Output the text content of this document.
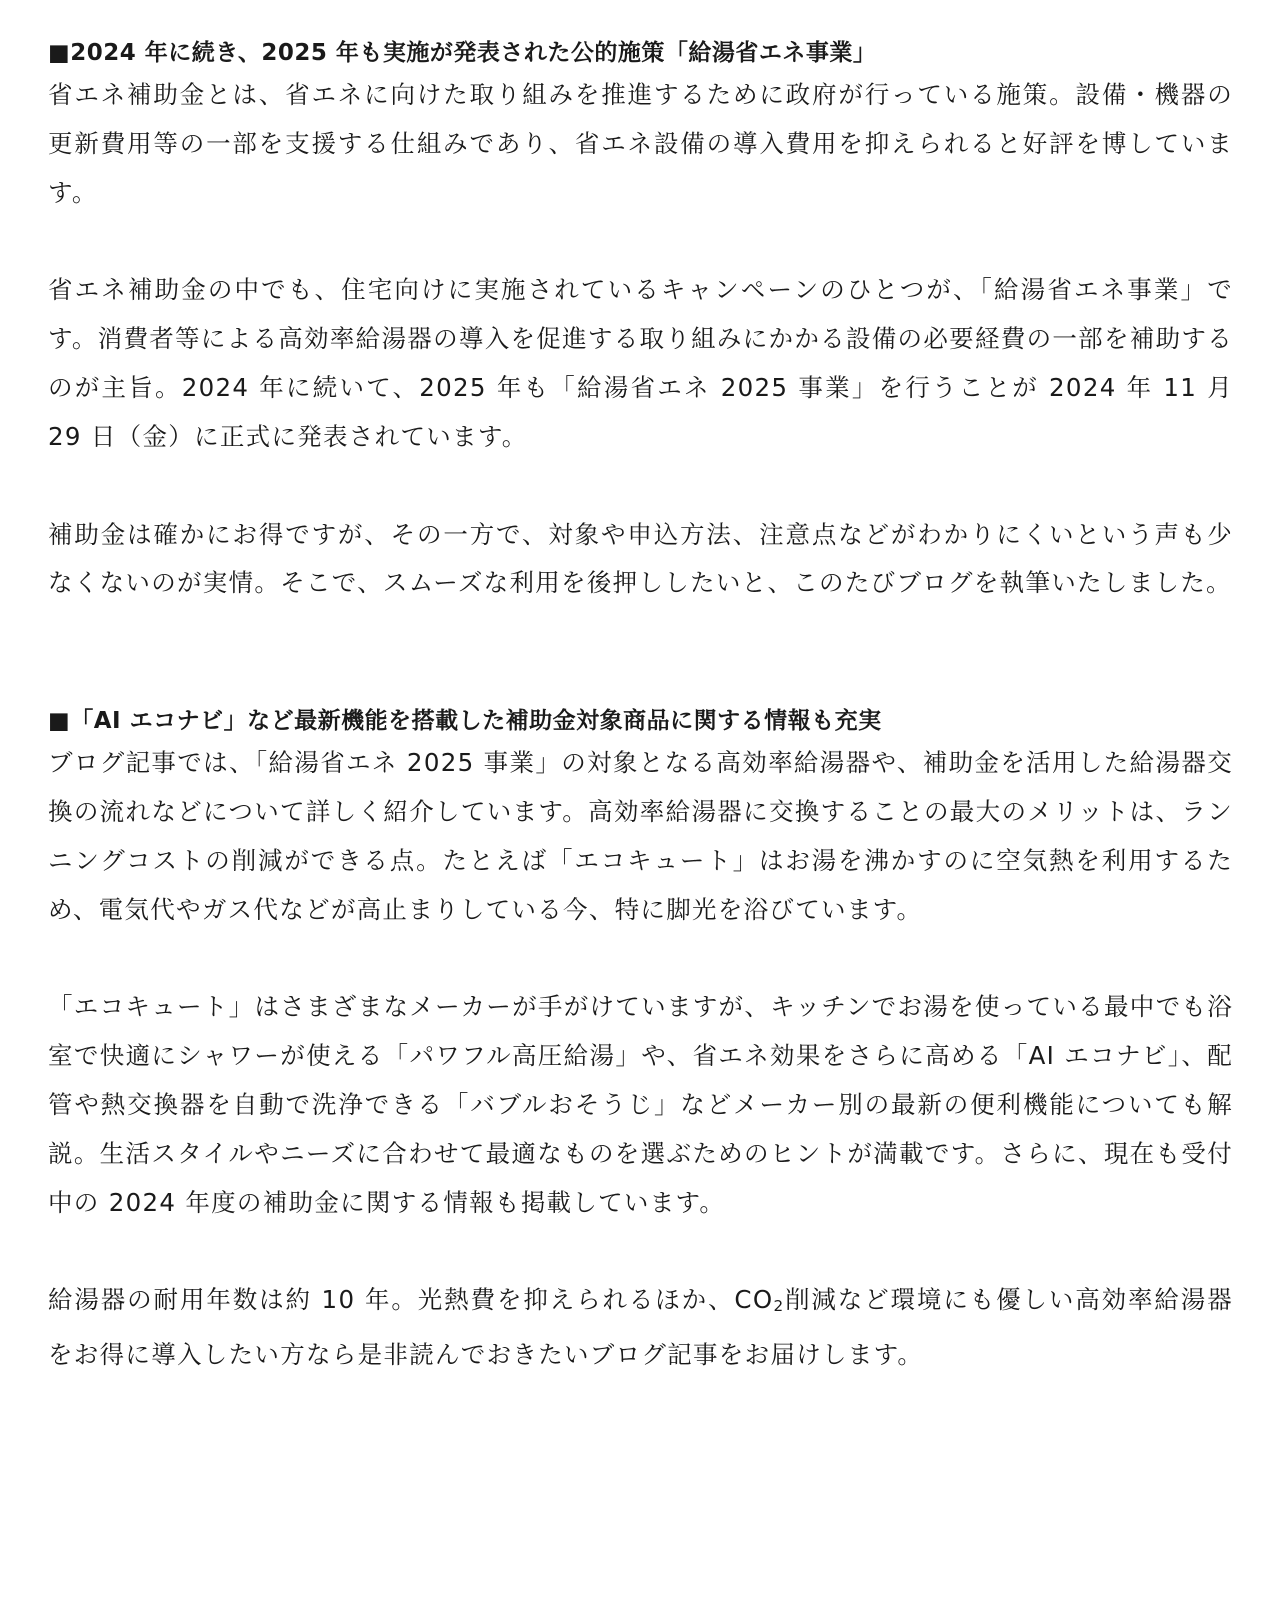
■2024 年に続き、2025 年も実施が発表された公的施策「給湯省エネ事業」

省エネ補助金とは、省エネに向けた取り組みを推進するために政府が行っている施策。設備・機器の更新費用等の一部を支援する仕組みであり、省エネ設備の導入費用を抑えられると好評を博しています。

省エネ補助金の中でも、住宅向けに実施されているキャンペーンのひとつが、「給湯省エネ事業」です。消費者等による高効率給湯器の導入を促進する取り組みにかかる設備の必要経費の一部を補助するのが主旨。2024 年に続いて、2025 年も「給湯省エネ 2025 事業」を行うことが 2024 年 11 月 29 日（金）に正式に発表されています。

補助金は確かにお得ですが、その一方で、対象や申込方法、注意点などがわかりにくいという声も少なくないのが実情。そこで、スムーズな利用を後押ししたいと、このたびブログを執筆いたしました。

■「AI エコナビ」など最新機能を搭載した補助金対象商品に関する情報も充実

ブログ記事では、「給湯省エネ 2025 事業」の対象となる高効率給湯器や、補助金を活用した給湯器交換の流れなどについて詳しく紹介しています。高効率給湯器に交換することの最大のメリットは、ランニングコストの削減ができる点。たとえば「エコキュート」はお湯を沸かすのに空気熱を利用するため、電気代やガス代などが高止まりしている今、特に脚光を浴びています。

「エコキュート」はさまざまなメーカーが手がけていますが、キッチンでお湯を使っている最中でも浴室で快適にシャワーが使える「パワフル高圧給湯」や、省エネ効果をさらに高める「AI エコナビ」、配管や熱交換器を自動で洗浄できる「バブルおそうじ」などメーカー別の最新の便利機能についても解説。生活スタイルやニーズに合わせて最適なものを選ぶためのヒントが満載です。さらに、現在も受付中の 2024 年度の補助金に関する情報も掲載しています。

給湯器の耐用年数は約 10 年。光熱費を抑えられるほか、CO2削減など環境にも優しい高効率給湯器をお得に導入したい方なら是非読んでおきたいブログ記事をお届けします。
